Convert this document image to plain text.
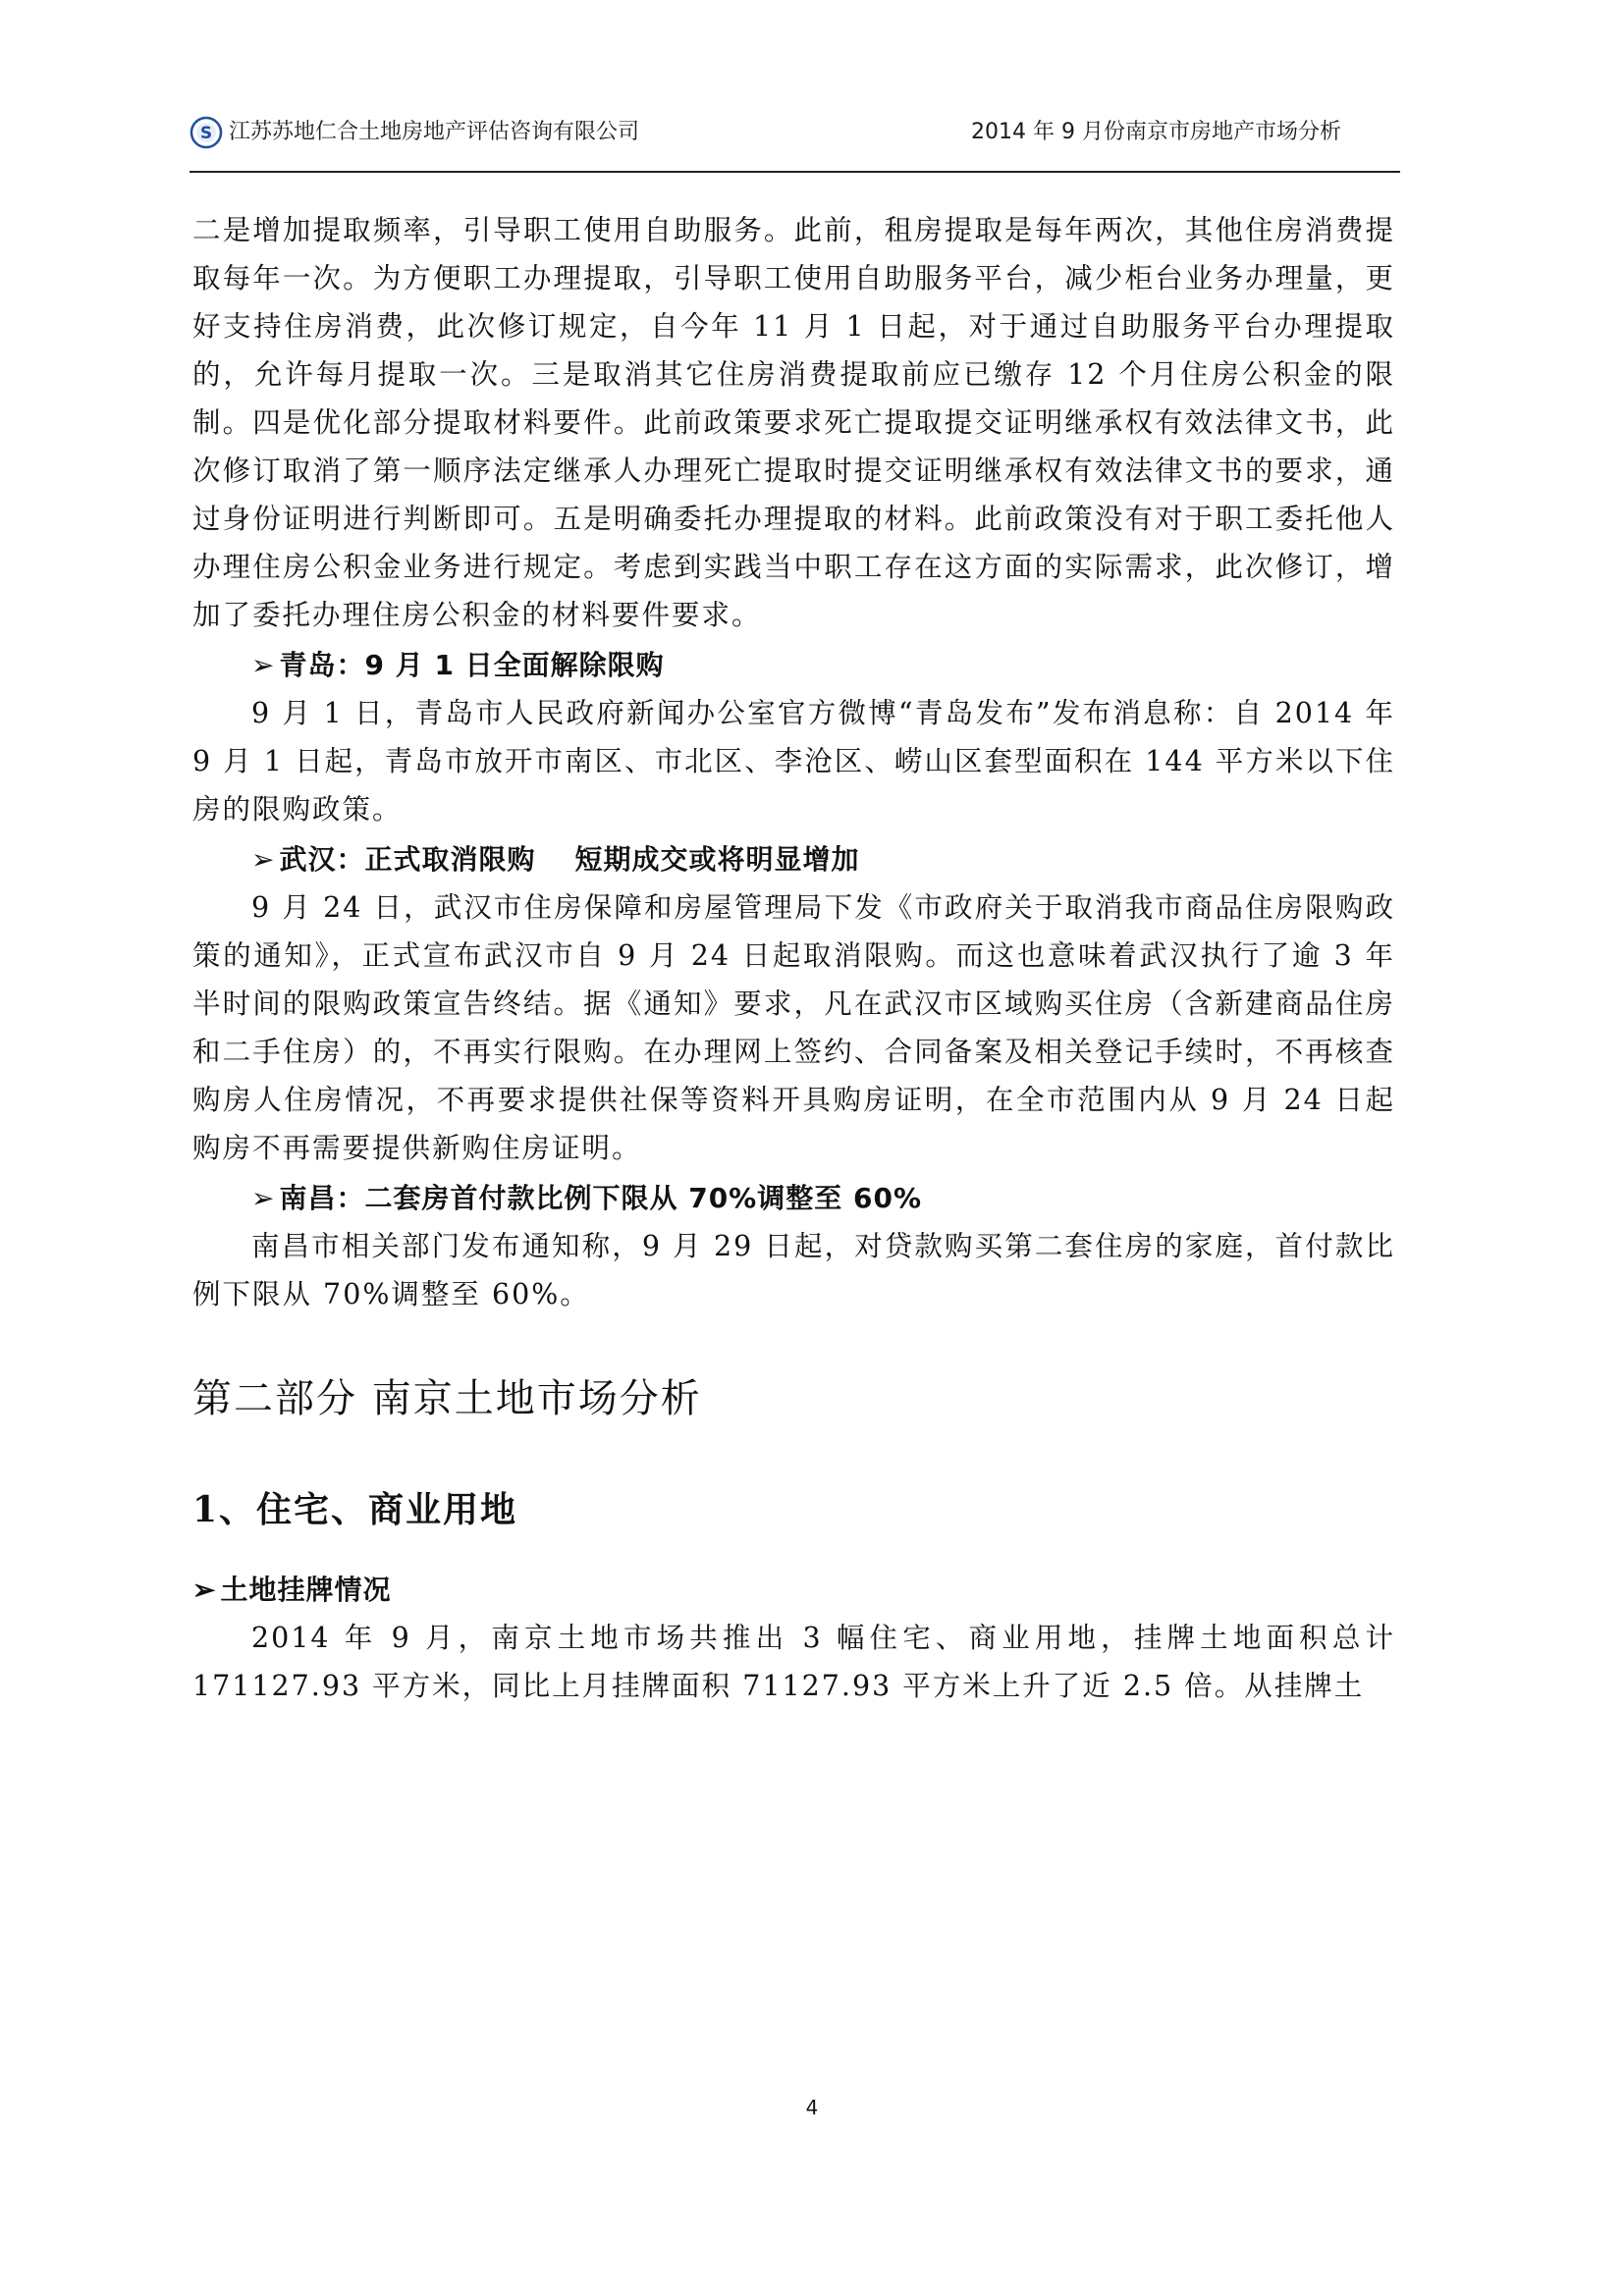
S 江苏苏地仁合土地房地产评估咨询有限公司	2014 年 9 月份南京市房地产市场分析

二是增加提取频率，引导职工使用自助服务。此前，租房提取是每年两次，其他住房消费提取每年一次。为方便职工办理提取，引导职工使用自助服务平台，减少柜台业务办理量，更好支持住房消费，此次修订规定，自今年 11 月 1 日起，对于通过自助服务平台办理提取的，允许每月提取一次。三是取消其它住房消费提取前应已缴存 12 个月住房公积金的限制。四是优化部分提取材料要件。此前政策要求死亡提取提交证明继承权有效法律文书，此次修订取消了第一顺序法定继承人办理死亡提取时提交证明继承权有效法律文书的要求，通过身份证明进行判断即可。五是明确委托办理提取的材料。此前政策没有对于职工委托他人办理住房公积金业务进行规定。考虑到实践当中职工存在这方面的实际需求，此次修订，增加了委托办理住房公积金的材料要件要求。

➢ 青岛：9 月 1 日全面解除限购

9 月 1 日，青岛市人民政府新闻办公室官方微博“青岛发布”发布消息称：自 2014 年 9 月 1 日起，青岛市放开市南区、市北区、李沧区、崂山区套型面积在 144 平方米以下住房的限购政策。

➢ 武汉：正式取消限购 短期成交或将明显增加

9 月 24 日，武汉市住房保障和房屋管理局下发《市政府关于取消我市商品住房限购政策的通知》，正式宣布武汉市自 9 月 24 日起取消限购。而这也意味着武汉执行了逾 3 年半时间的限购政策宣告终结。据《通知》要求，凡在武汉市区域购买住房（含新建商品住房和二手住房）的，不再实行限购。在办理网上签约、合同备案及相关登记手续时，不再核查购房人住房情况，不再要求提供社保等资料开具购房证明，在全市范围内从 9 月 24 日起购房不再需要提供新购住房证明。

➢ 南昌：二套房首付款比例下限从 70%调整至 60%

南昌市相关部门发布通知称，9 月 29 日起，对贷款购买第二套住房的家庭，首付款比例下限从 70%调整至 60%。

第二部分 南京土地市场分析
1、住宅、商业用地

➢ 土地挂牌情况

2014 年 9 月，南京土地市场共推出 3 幅住宅、商业用地，挂牌土地面积总计 171127.93 平方米，同比上月挂牌面积 71127.93 平方米上升了近 2.5 倍。从挂牌土

4
